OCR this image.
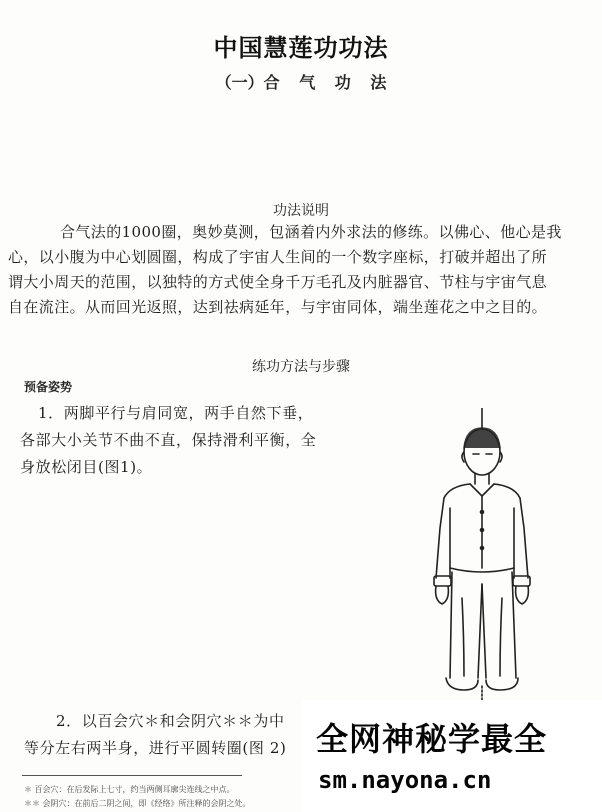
中国慧莲功功法
（一）合 气 功 法
功法说明
合气法的1000圈，奥妙莫测，包涵着内外求法的修练。以佛心、他心是我
心，以小腹为中心划圆圈，构成了宇宙人生间的一个数字座标，打破并超出了所
谓大小周天的范围，以独特的方式使全身千万毛孔及内脏器官、节柱与宇宙气息
自在流注。从而回光返照，达到祛病延年，与宇宙同体，端坐莲花之中之目的。
练功方法与步骤
预备姿势
1．两脚平行与肩同宽，两手自然下垂，
各部大小关节不曲不直，保持滑利平衡，全
身放松闭目(图1)。
2．以百会穴＊和会阴穴＊＊为中
等分左右两半身，进行平圆转圈(图 2)
＊ 百会穴：在后发际上七寸，约当两侧耳廓尖连线之中点。
＊＊ 会阴穴：在前后二阴之间，即《经络》所注释的会阴之处。
全网神秘学最全
sm.nayona.cn
